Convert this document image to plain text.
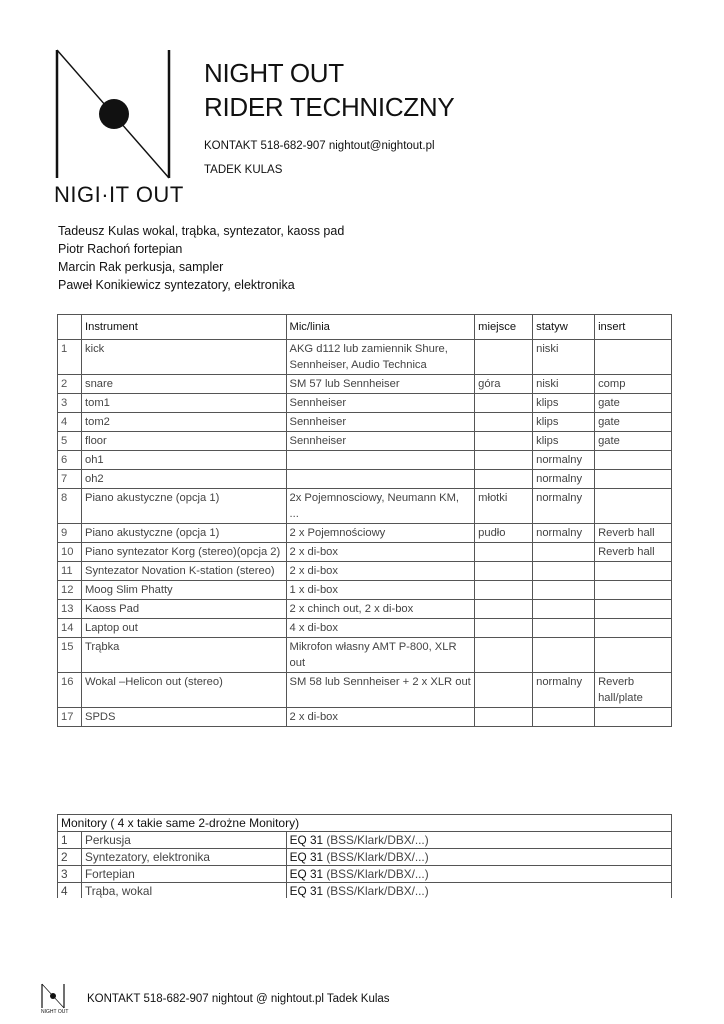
NIGI·IT OUT
NIGHT OUT
RIDER TECHNICZNY
KONTAKT 518-682-907 nightout@nightout.pl
TADEK KULAS
Tadeusz Kulas wokal, trąbka, syntezator, kaoss pad
Piotr Rachoń fortepian
Marcin Rak perkusja, sampler
Paweł Konikiewicz syntezatory, elektronika
	Instrument	Mic/linia	miejsce	statyw	insert
1	kick	AKG d112 lub zamiennik Shure, Sennheiser, Audio Technica		niski	
2	snare	SM 57 lub Sennheiser	góra	niski	comp
3	tom1	Sennheiser		klips	gate
4	tom2	Sennheiser		klips	gate
5	floor	Sennheiser		klips	gate
6	oh1			normalny	
7	oh2			normalny	
8	Piano akustyczne (opcja 1)	2x Pojemnosciowy, Neumann KM, ...	młotki	normalny	
9	Piano akustyczne (opcja 1)	2 x Pojemnościowy	pudło	normalny	Reverb hall
10	Piano syntezator Korg (stereo)(opcja 2)	2 x di-box			Reverb hall
11	Syntezator Novation K-station (stereo)	2 x di-box			
12	Moog Slim Phatty	1 x di-box			
13	Kaoss Pad	2 x chinch out, 2 x di-box			
14	Laptop out	4 x di-box			
15	Trąbka	Mikrofon własny AMT P-800, XLR out			
16	Wokal –Helicon out (stereo)	SM 58 lub Sennheiser + 2 x XLR out		normalny	Reverb hall/plate
17	SPDS	2 x di-box			
Monitory ( 4 x takie same 2-drożne Monitory)		
1	Perkusja	EQ 31 (BSS/Klark/DBX/...)
2	Syntezatory, elektronika	EQ 31 (BSS/Klark/DBX/...)
3	Fortepian	EQ 31 (BSS/Klark/DBX/...)
4	Trąba, wokal	EQ 31 (BSS/Klark/DBX/...)
NIGHT OUT
KONTAKT 518-682-907 nightout @ nightout.pl Tadek Kulas
